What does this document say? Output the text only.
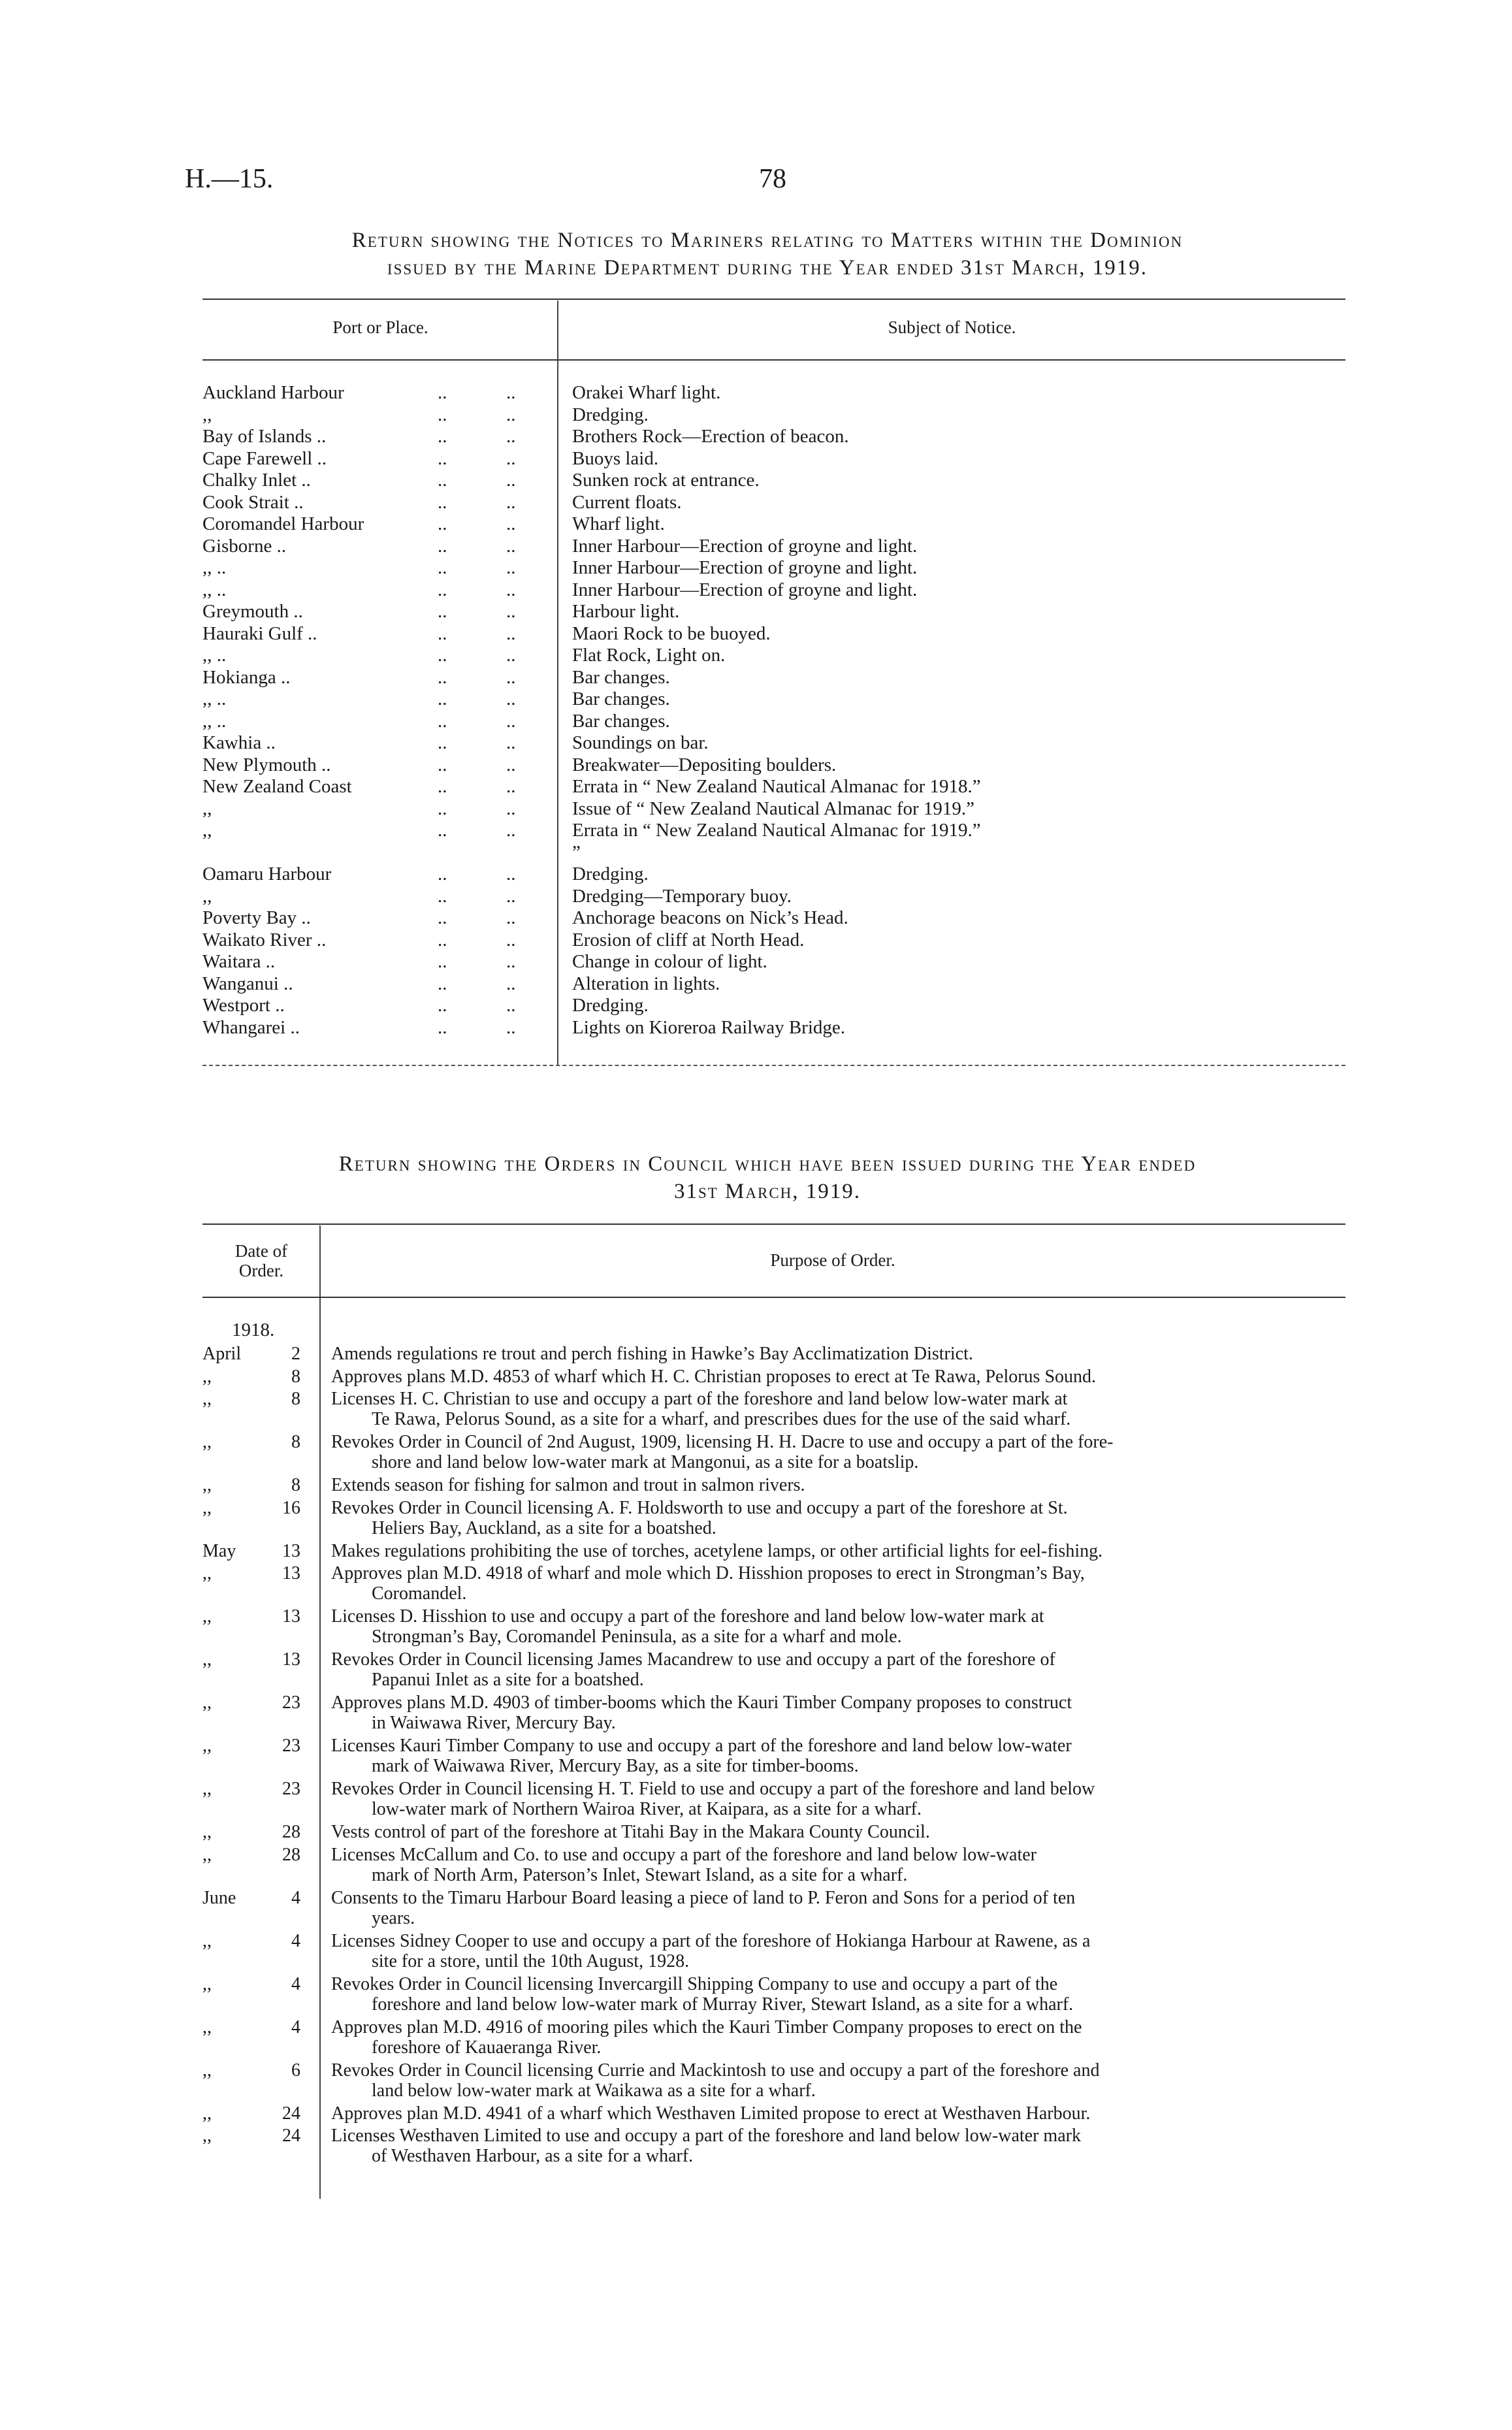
H.—15.	78
Return showing the Notices to Mariners relating to Matters within the Dominion
issued by the Marine Department during the Year ended 31st March, 1919.
Port or Place.	Subject of Notice.
Auckland Harbour	..	..	Orakei Wharf light.
,,	..	..	Dredging.
Bay of Islands ..	..	..	Brothers Rock—Erection of beacon.
Cape Farewell ..	..	..	Buoys laid.
Chalky Inlet ..	..	..	Sunken rock at entrance.
Cook Strait ..	..	..	Current floats.
Coromandel Harbour	..	..	Wharf light.
Gisborne ..	..	..	Inner Harbour—Erection of groyne and light.
,, ..	..	..	Inner Harbour—Erection of groyne and light.
,, ..	..	..	Inner Harbour—Erection of groyne and light.
Greymouth ..	..	..	Harbour light.
Hauraki Gulf ..	..	..	Maori Rock to be buoyed.
,, ..	..	..	Flat Rock, Light on.
Hokianga ..	..	..	Bar changes.
,, ..	..	..	Bar changes.
,, ..	..	..	Bar changes.
Kawhia ..	..	..	Soundings on bar.
New Plymouth ..	..	..	Breakwater—Depositing boulders.
New Zealand Coast	..	..	Errata in “ New Zealand Nautical Almanac for 1918.”
,,	..	..	Issue of “ New Zealand Nautical Almanac for 1919.”
,,	..	..	Errata in “ New Zealand Nautical Almanac for 1919.”
”
Oamaru Harbour	..	..	Dredging.
,,	..	..	Dredging—Temporary buoy.
Poverty Bay ..	..	..	Anchorage beacons on Nick’s Head.
Waikato River ..	..	..	Erosion of cliff at North Head.
Waitara ..	..	..	Change in colour of light.
Wanganui ..	..	..	Alteration in lights.
Westport ..	..	..	Dredging.
Whangarei ..	..	..	Lights on Kioreroa Railway Bridge.
Return showing the Orders in Council which have been issued during the Year ended
31st March, 1919.
Date of
Order.
Purpose of Order.
1918.
April	2 Amends regulations re trout and perch fishing in Hawke’s Bay Acclimatization District.
,,	8 Approves plans M.D. 4853 of wharf which H. C. Christian proposes to erect at Te Rawa, Pelorus Sound.
,,	8 Licenses H. C. Christian to use and occupy a part of the foreshore and land below low-water mark at
Te Rawa, Pelorus Sound, as a site for a wharf, and prescribes dues for the use of the said wharf.
,,	8 Revokes Order in Council of 2nd August, 1909, licensing H. H. Dacre to use and occupy a part of the fore-
shore and land below low-water mark at Mangonui, as a site for a boatslip.
,,	8 Extends season for fishing for salmon and trout in salmon rivers.
,,	16 Revokes Order in Council licensing A. F. Holdsworth to use and occupy a part of the foreshore at St.
Heliers Bay, Auckland, as a site for a boatshed.
May	13 Makes regulations prohibiting the use of torches, acetylene lamps, or other artificial lights for eel-fishing.
,,	13 Approves plan M.D. 4918 of wharf and mole which D. Hisshion proposes to erect in Strongman’s Bay,
Coromandel.
,,	13 Licenses D. Hisshion to use and occupy a part of the foreshore and land below low-water mark at
Strongman’s Bay, Coromandel Peninsula, as a site for a wharf and mole.
,,	13 Revokes Order in Council licensing James Macandrew to use and occupy a part of the foreshore of
Papanui Inlet as a site for a boatshed.
,,	23 Approves plans M.D. 4903 of timber-booms which the Kauri Timber Company proposes to construct
in Waiwawa River, Mercury Bay.
,,	23 Licenses Kauri Timber Company to use and occupy a part of the foreshore and land below low-water
mark of Waiwawa River, Mercury Bay, as a site for timber-booms.
,,	23 Revokes Order in Council licensing H. T. Field to use and occupy a part of the foreshore and land below
low-water mark of Northern Wairoa River, at Kaipara, as a site for a wharf.
,,	28 Vests control of part of the foreshore at Titahi Bay in the Makara County Council.
,,	28 Licenses McCallum and Co. to use and occupy a part of the foreshore and land below low-water
mark of North Arm, Paterson’s Inlet, Stewart Island, as a site for a wharf.
June	4 Consents to the Timaru Harbour Board leasing a piece of land to P. Feron and Sons for a period of ten
years.
,,	4 Licenses Sidney Cooper to use and occupy a part of the foreshore of Hokianga Harbour at Rawene, as a
site for a store, until the 10th August, 1928.
,,	4 Revokes Order in Council licensing Invercargill Shipping Company to use and occupy a part of the
foreshore and land below low-water mark of Murray River, Stewart Island, as a site for a wharf.
,,	4 Approves plan M.D. 4916 of mooring piles which the Kauri Timber Company proposes to erect on the
foreshore of Kauaeranga River.
,,	6 Revokes Order in Council licensing Currie and Mackintosh to use and occupy a part of the foreshore and
land below low-water mark at Waikawa as a site for a wharf.
,,	24 Approves plan M.D. 4941 of a wharf which Westhaven Limited propose to erect at Westhaven Harbour.
,,	24 Licenses Westhaven Limited to use and occupy a part of the foreshore and land below low-water mark
of Westhaven Harbour, as a site for a wharf.
